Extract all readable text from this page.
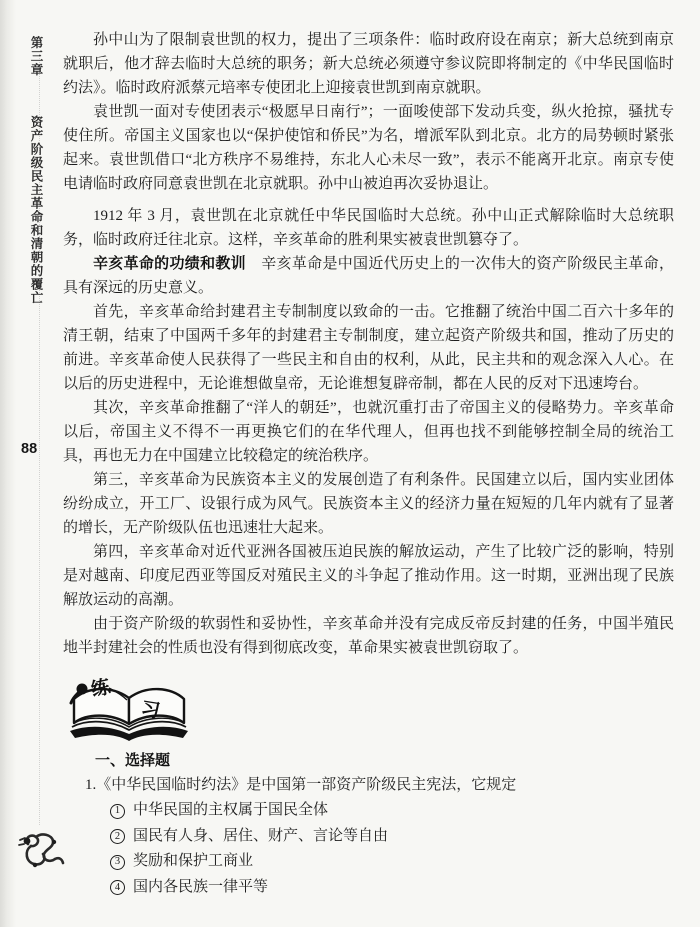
第三章 资产阶级民主革命和清朝的覆亡
88

孙中山为了限制袁世凯的权力，提出了三项条件：临时政府设在南京；新大总统到南京就职后，他才辞去临时大总统的职务；新大总统必须遵守参议院即将制定的《中华民国临时约法》。临时政府派蔡元培率专使团北上迎接袁世凯到南京就职。

袁世凯一面对专使团表示“极愿早日南行”；一面唆使部下发动兵变，纵火抢掠，骚扰专使住所。帝国主义国家也以“保护使馆和侨民”为名，增派军队到北京。北方的局势顿时紧张起来。袁世凯借口“北方秩序不易维持，东北人心未尽一致”，表示不能离开北京。南京专使电请临时政府同意袁世凯在北京就职。孙中山被迫再次妥协退让。

1912 年 3 月，袁世凯在北京就任中华民国临时大总统。孙中山正式解除临时大总统职务，临时政府迁往北京。这样，辛亥革命的胜利果实被袁世凯篡夺了。

辛亥革命的功绩和教训　辛亥革命是中国近代历史上的一次伟大的资产阶级民主革命，具有深远的历史意义。

首先，辛亥革命给封建君主专制制度以致命的一击。它推翻了统治中国二百六十多年的清王朝，结束了中国两千多年的封建君主专制制度，建立起资产阶级共和国，推动了历史的前进。辛亥革命使人民获得了一些民主和自由的权利，从此，民主共和的观念深入人心。在以后的历史进程中，无论谁想做皇帝，无论谁想复辟帝制，都在人民的反对下迅速垮台。

其次，辛亥革命推翻了“洋人的朝廷”，也就沉重打击了帝国主义的侵略势力。辛亥革命以后，帝国主义不得不一再更换它们的在华代理人，但再也找不到能够控制全局的统治工具，再也无力在中国建立比较稳定的统治秩序。

第三，辛亥革命为民族资本主义的发展创造了有利条件。民国建立以后，国内实业团体纷纷成立，开工厂、设银行成为风气。民族资本主义的经济力量在短短的几年内就有了显著的增长，无产阶级队伍也迅速壮大起来。

第四，辛亥革命对近代亚洲各国被压迫民族的解放运动，产生了比较广泛的影响，特别是对越南、印度尼西亚等国反对殖民主义的斗争起了推动作用。这一时期，亚洲出现了民族解放运动的高潮。

由于资产阶级的软弱性和妥协性，辛亥革命并没有完成反帝反封建的任务，中国半殖民地半封建社会的性质也没有得到彻底改变，革命果实被袁世凯窃取了。

练
习
一、选择题
1.《中华民国临时约法》是中国第一部资产阶级民主宪法，它规定
1 中华民国的主权属于国民全体
2 国民有人身、居住、财产、言论等自由
3 奖励和保护工商业
4 国内各民族一律平等
